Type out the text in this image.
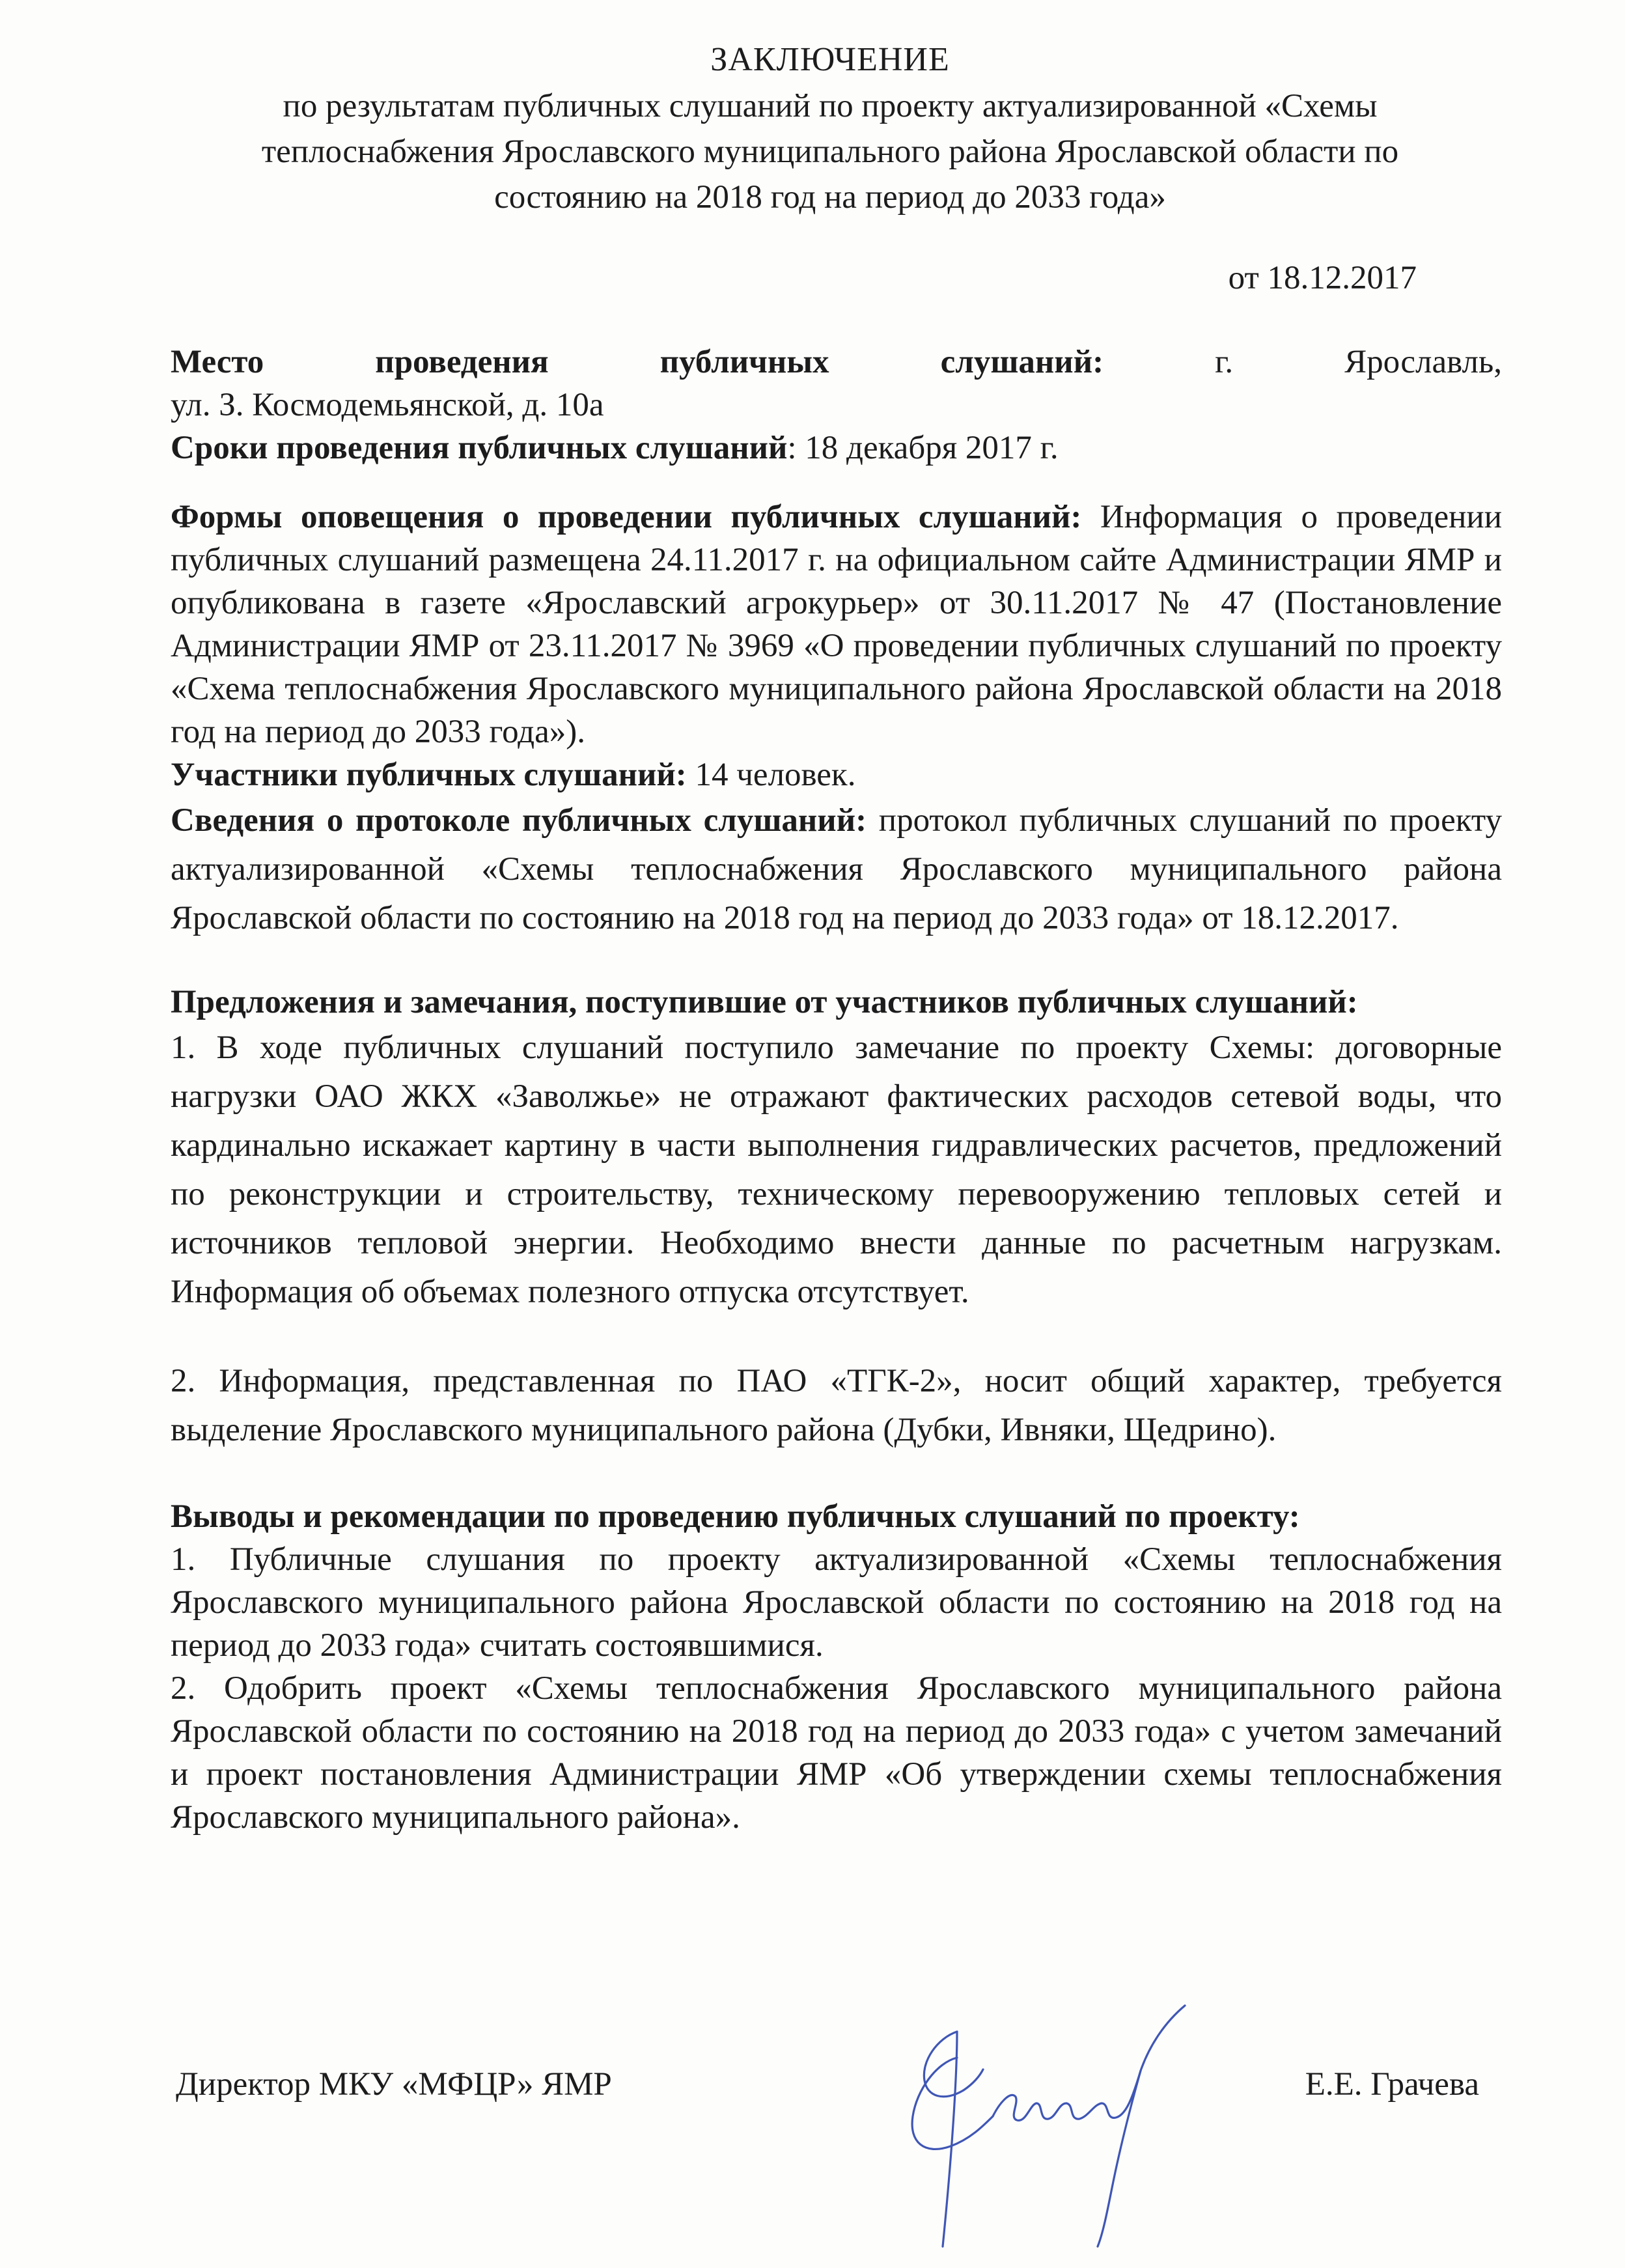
ЗАКЛЮЧЕНИЕ
по результатам публичных слушаний по проекту актуализированной «Схемы теплоснабжения Ярославского муниципального района Ярославской области по состоянию на 2018 год на период до 2033 года»
от 18.12.2017

Место проведения публичных слушаний:	г. Ярославль,

ул. З. Космодемьянской, д. 10а

Сроки проведения публичных слушаний: 18 декабря 2017 г.

Формы оповещения о проведении публичных слушаний: Информация о проведении публичных слушаний размещена 24.11.2017 г. на официальном сайте Администрации ЯМР и опубликована в газете «Ярославский агрокурьер» от 30.11.2017 № 47 (Постановление Администрации ЯМР от 23.11.2017 № 3969 «О проведении публичных слушаний по проекту «Схема теплоснабжения Ярославского муниципального района Ярославской области на 2018 год на период до 2033 года»).

Участники публичных слушаний: 14 человек.

Сведения о протоколе публичных слушаний: протокол публичных слушаний по проекту актуализированной «Схемы теплоснабжения Ярославского муниципального района Ярославской области по состоянию на 2018 год на период до 2033 года» от 18.12.2017.

Предложения и замечания, поступившие от участников публичных слушаний:

1. В ходе публичных слушаний поступило замечание по проекту Схемы: договорные нагрузки ОАО ЖКХ «Заволжье» не отражают фактических расходов сетевой воды, что кардинально искажает картину в части выполнения гидравлических расчетов, предложений по реконструкции и строительству, техническому перевооружению тепловых сетей и источников тепловой энергии. Необходимо внести данные по расчетным нагрузкам. Информация об объемах полезного отпуска отсутствует.

2. Информация, представленная по ПАО «ТГК-2», носит общий характер, требуется выделение Ярославского муниципального района (Дубки, Ивняки, Щедрино).

Выводы и рекомендации по проведению публичных слушаний по проекту:

1. Публичные слушания по проекту актуализированной «Схемы теплоснабжения Ярославского муниципального района Ярославской области по состоянию на 2018 год на период до 2033 года» считать состоявшимися.

2. Одобрить проект «Схемы теплоснабжения Ярославского муниципального района Ярославской области по состоянию на 2018 год на период до 2033 года» с учетом замечаний и проект постановления Администрации ЯМР «Об утверждении схемы теплоснабжения Ярославского муниципального района».

Директор МКУ «МФЦР» ЯМР	Е.Е. Грачева
